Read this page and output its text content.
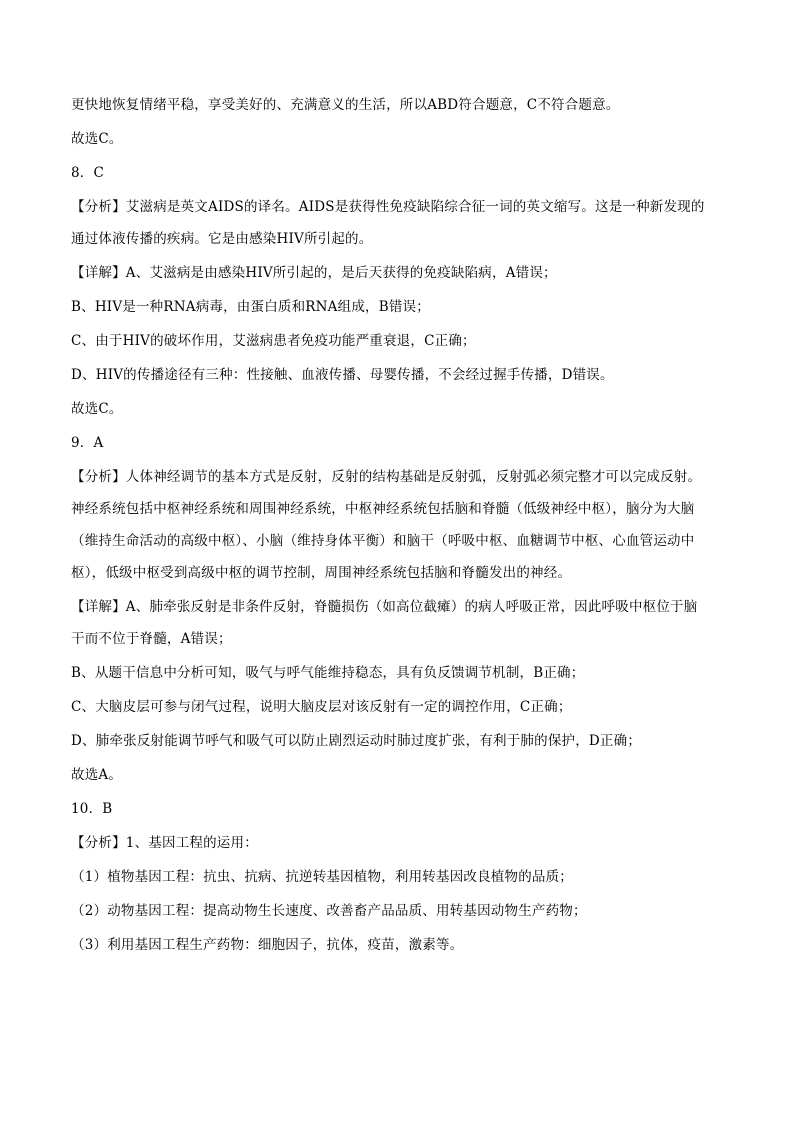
更快地恢复情绪平稳，享受美好的、充满意义的生活，所以ABD符合题意，C不符合题意。

故选C。

8．C

【分析】艾滋病是英文AIDS的译名。AIDS是获得性免疫缺陷综合征一词的英文缩写。这是一种新发现的

通过体液传播的疾病。它是由感染HIV所引起的。

【详解】A、艾滋病是由感染HIV所引起的，是后天获得的免疫缺陷病，A错误；

B、HIV是一种RNA病毒，由蛋白质和RNA组成，B错误；

C、由于HIV的破坏作用，艾滋病患者免疫功能严重衰退，C正确；

D、HIV的传播途径有三种：性接触、血液传播、母婴传播，不会经过握手传播，D错误。

故选C。

9．A

【分析】人体神经调节的基本方式是反射，反射的结构基础是反射弧，反射弧必须完整才可以完成反射。

神经系统包括中枢神经系统和周围神经系统，中枢神经系统包括脑和脊髓（低级神经中枢），脑分为大脑

（维持生命活动的高级中枢）、小脑（维持身体平衡）和脑干（呼吸中枢、血糖调节中枢、心血管运动中

枢），低级中枢受到高级中枢的调节控制，周围神经系统包括脑和脊髓发出的神经。

【详解】A、肺牵张反射是非条件反射，脊髓损伤（如高位截瘫）的病人呼吸正常，因此呼吸中枢位于脑

干而不位于脊髓，A错误；

B、从题干信息中分析可知，吸气与呼气能维持稳态，具有负反馈调节机制，B正确；

C、大脑皮层可参与闭气过程，说明大脑皮层对该反射有一定的调控作用，C正确；

D、肺牵张反射能调节呼气和吸气可以防止剧烈运动时肺过度扩张，有利于肺的保护，D正确；

故选A。

10．B

【分析】1、基因工程的运用：

（1）植物基因工程：抗虫、抗病、抗逆转基因植物，利用转基因改良植物的品质；

（2）动物基因工程：提高动物生长速度、改善畜产品品质、用转基因动物生产药物；

（3）利用基因工程生产药物：细胞因子，抗体，疫苗，激素等。
